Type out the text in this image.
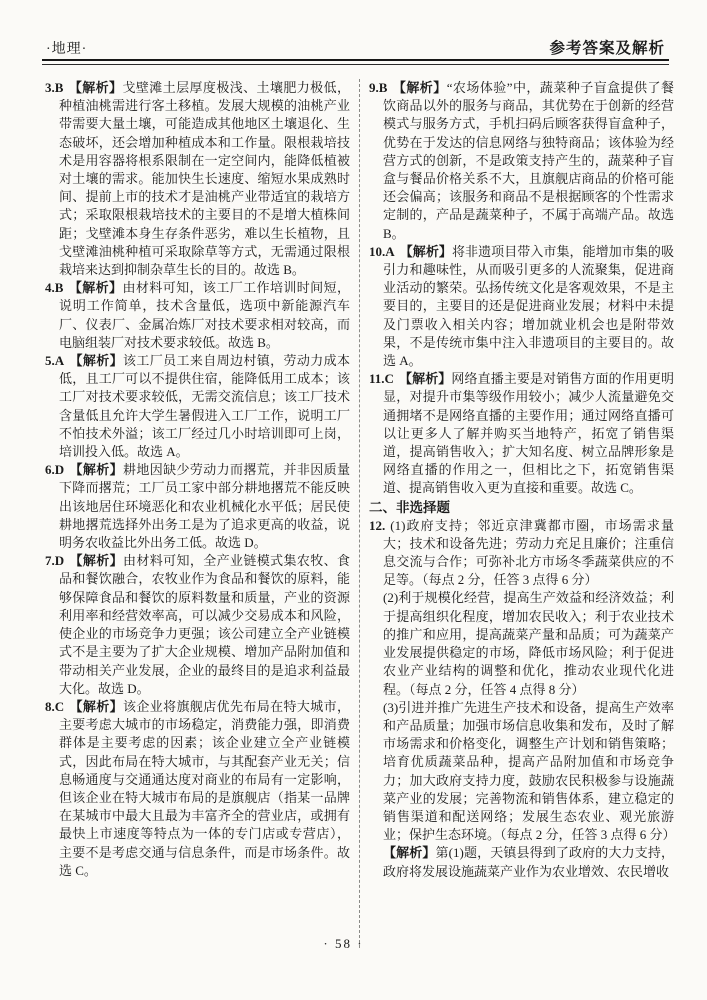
·地理·	参考答案及解析

3.B 【解析】戈壁滩土层厚度极浅、土壤肥力极低，种植油桃需进行客土移植。发展大规模的油桃产业带需要大量土壤，可能造成其他地区土壤退化、生态破坏，还会增加种植成本和工作量。限根栽培技术是用容器将根系限制在一定空间内，能降低植被对土壤的需求。能加快生长速度、缩短水果成熟时间、提前上市的技术才是油桃产业带适宜的栽培方式；采取限根栽培技术的主要目的不是增大植株间距；戈壁滩本身生存条件恶劣，难以生长植物，且戈壁滩油桃种植可采取除草等方式，无需通过限根栽培来达到抑制杂草生长的目的。故选 B。

4.B 【解析】由材料可知，该工厂工作培训时间短，说明工作简单，技术含量低，选项中新能源汽车厂、仪表厂、金属冶炼厂对技术要求相对较高，而电脑组装厂对技术要求较低。故选 B。

5.A 【解析】该工厂员工来自周边村镇，劳动力成本低，且工厂可以不提供住宿，能降低用工成本；该工厂对技术要求较低，无需交流信息；该工厂技术含量低且允许大学生暑假进入工厂工作，说明工厂不怕技术外溢；该工厂经过几小时培训即可上岗，培训投入低。故选 A。

6.D 【解析】耕地因缺少劳动力而撂荒，并非因质量下降而撂荒；工厂员工家中部分耕地撂荒不能反映出该地居住环境恶化和农业机械化水平低；居民使耕地撂荒选择外出务工是为了追求更高的收益，说明务农收益比外出务工低。故选 D。

7.D 【解析】由材料可知，全产业链模式集农牧、食品和餐饮融合，农牧业作为食品和餐饮的原料，能够保障食品和餐饮的原料数量和质量，产业的资源利用率和经营效率高，可以减少交易成本和风险，使企业的市场竞争力更强；该公司建立全产业链模式不是主要为了扩大企业规模、增加产品附加值和带动相关产业发展，企业的最终目的是追求利益最大化。故选 D。

8.C 【解析】该企业将旗舰店优先布局在特大城市，主要考虑大城市的市场稳定，消费能力强，即消费群体是主要考虑的因素；该企业建立全产业链模式，因此布局在特大城市，与其配套产业无关；信息畅通度与交通通达度对商业的布局有一定影响，但该企业在特大城市布局的是旗舰店（指某一品牌在某城市中最大且最为丰富齐全的营业店，或拥有最快上市速度等特点为一体的专门店或专营店），主要不是考虑交通与信息条件，而是市场条件。故选 C。

9.B 【解析】“农场体验”中，蔬菜种子盲盒提供了餐饮商品以外的服务与商品，其优势在于创新的经营模式与服务方式，手机扫码后顾客获得盲盒种子，优势在于发达的信息网络与独特商品；该体验为经营方式的创新，不是政策支持产生的，蔬菜种子盲盒与餐品价格关系不大，且旗舰店商品的价格可能还会偏高；该服务和商品不是根据顾客的个性需求定制的，产品是蔬菜种子，不属于高端产品。故选 B。

10.A 【解析】将非遗项目带入市集，能增加市集的吸引力和趣味性，从而吸引更多的人流聚集，促进商业活动的繁荣。弘扬传统文化是客观效果，不是主要目的，主要目的还是促进商业发展；材料中未提及门票收入相关内容；增加就业机会也是附带效果，不是传统市集中注入非遗项目的主要目的。故选 A。

11.C 【解析】网络直播主要是对销售方面的作用更明显，对提升市集等级作用较小；减少人流量避免交通拥堵不是网络直播的主要作用；通过网络直播可以让更多人了解并购买当地特产，拓宽了销售渠道，提高销售收入；扩大知名度、树立品牌形象是网络直播的作用之一，但相比之下，拓宽销售渠道、提高销售收入更为直接和重要。故选 C。

二、非选择题

12. (1)政府支持；邻近京津冀都市圈，市场需求量大；技术和设备先进；劳动力充足且廉价；注重信息交流与合作；可弥补北方市场冬季蔬菜供应的不足等。（每点 2 分，任答 3 点得 6 分）

(2)利于规模化经营，提高生产效益和经济效益；利于提高组织化程度，增加农民收入；利于农业技术的推广和应用，提高蔬菜产量和品质；可为蔬菜产业发展提供稳定的市场，降低市场风险；利于促进农业产业结构的调整和优化，推动农业现代化进程。（每点 2 分，任答 4 点得 8 分）

(3)引进并推广先进生产技术和设备，提高生产效率和产品质量；加强市场信息收集和发布，及时了解市场需求和价格变化，调整生产计划和销售策略；培育优质蔬菜品种，提高产品附加值和市场竞争力；加大政府支持力度，鼓励农民积极参与设施蔬菜产业的发展；完善物流和销售体系，建立稳定的销售渠道和配送网络；发展生态农业、观光旅游业；保护生态环境。（每点 2 分，任答 3 点得 6 分）

【解析】第(1)题，天镇县得到了政府的大力支持，政府将发展设施蔬菜产业作为农业增效、农民增收

· 58 ·
